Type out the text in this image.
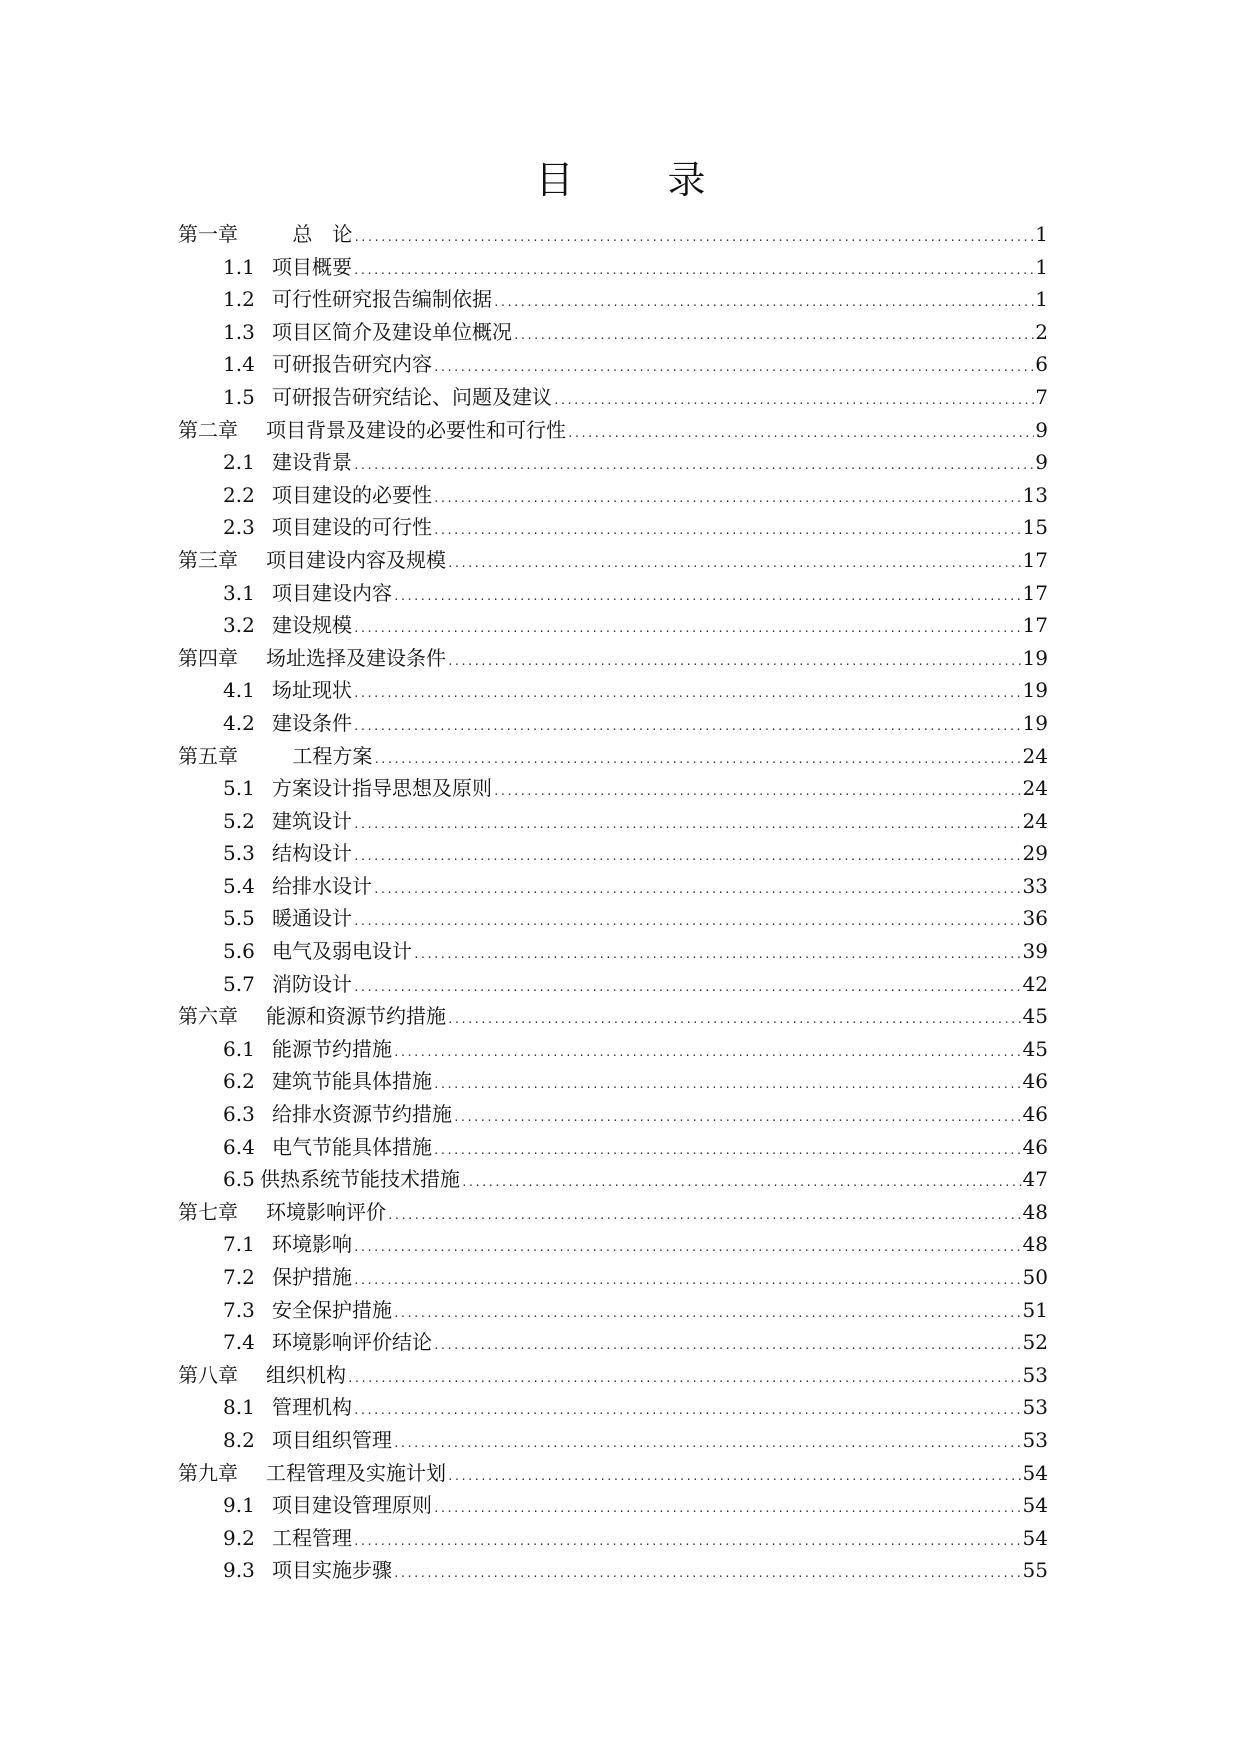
目　录
第一章	　 总　论 .....	1
1.1 项目概要 .....	1
1.2 可行性研究报告编制依据 .....	1
1.3 项目区简介及建设单位概况 .....	2
1.4 可研报告研究内容 .....	6
1.5 可研报告研究结论、问题及建议 .....	7
第二章	项目背景及建设的必要性和可行性 .....	9
2.1 建设背景 .....	9
2.2 项目建设的必要性 .....	13
2.3 项目建设的可行性 .....	15
第三章	项目建设内容及规模 .....	17
3.1 项目建设内容 .....	17
3.2 建设规模 .....	17
第四章	场址选择及建设条件 .....	19
4.1 场址现状 .....	19
4.2 建设条件 .....	19
第五章	　 工程方案 .....	24
5.1 方案设计指导思想及原则 .....	24
5.2 建筑设计 .....	24
5.3 结构设计 .....	29
5.4 给排水设计 .....	33
5.5 暖通设计 .....	36
5.6 电气及弱电设计 .....	39
5.7 消防设计 .....	42
第六章	能源和资源节约措施 .....	45
6.1 能源节约措施 .....	45
6.2 建筑节能具体措施 .....	46
6.3 给排水资源节约措施 .....	46
6.4 电气节能具体措施 .....	46
6.5 供热系统节能技术措施 .....	47
第七章	环境影响评价 .....	48
7.1 环境影响 .....	48
7.2 保护措施 .....	50
7.3 安全保护措施 .....	51
7.4 环境影响评价结论 .....	52
第八章	组织机构 .....	53
8.1 管理机构 .....	53
8.2 项目组织管理 .....	53
第九章	工程管理及实施计划 .....	54
9.1 项目建设管理原则 .....	54
9.2 工程管理 .....	54
9.3 项目实施步骤 .....	55
